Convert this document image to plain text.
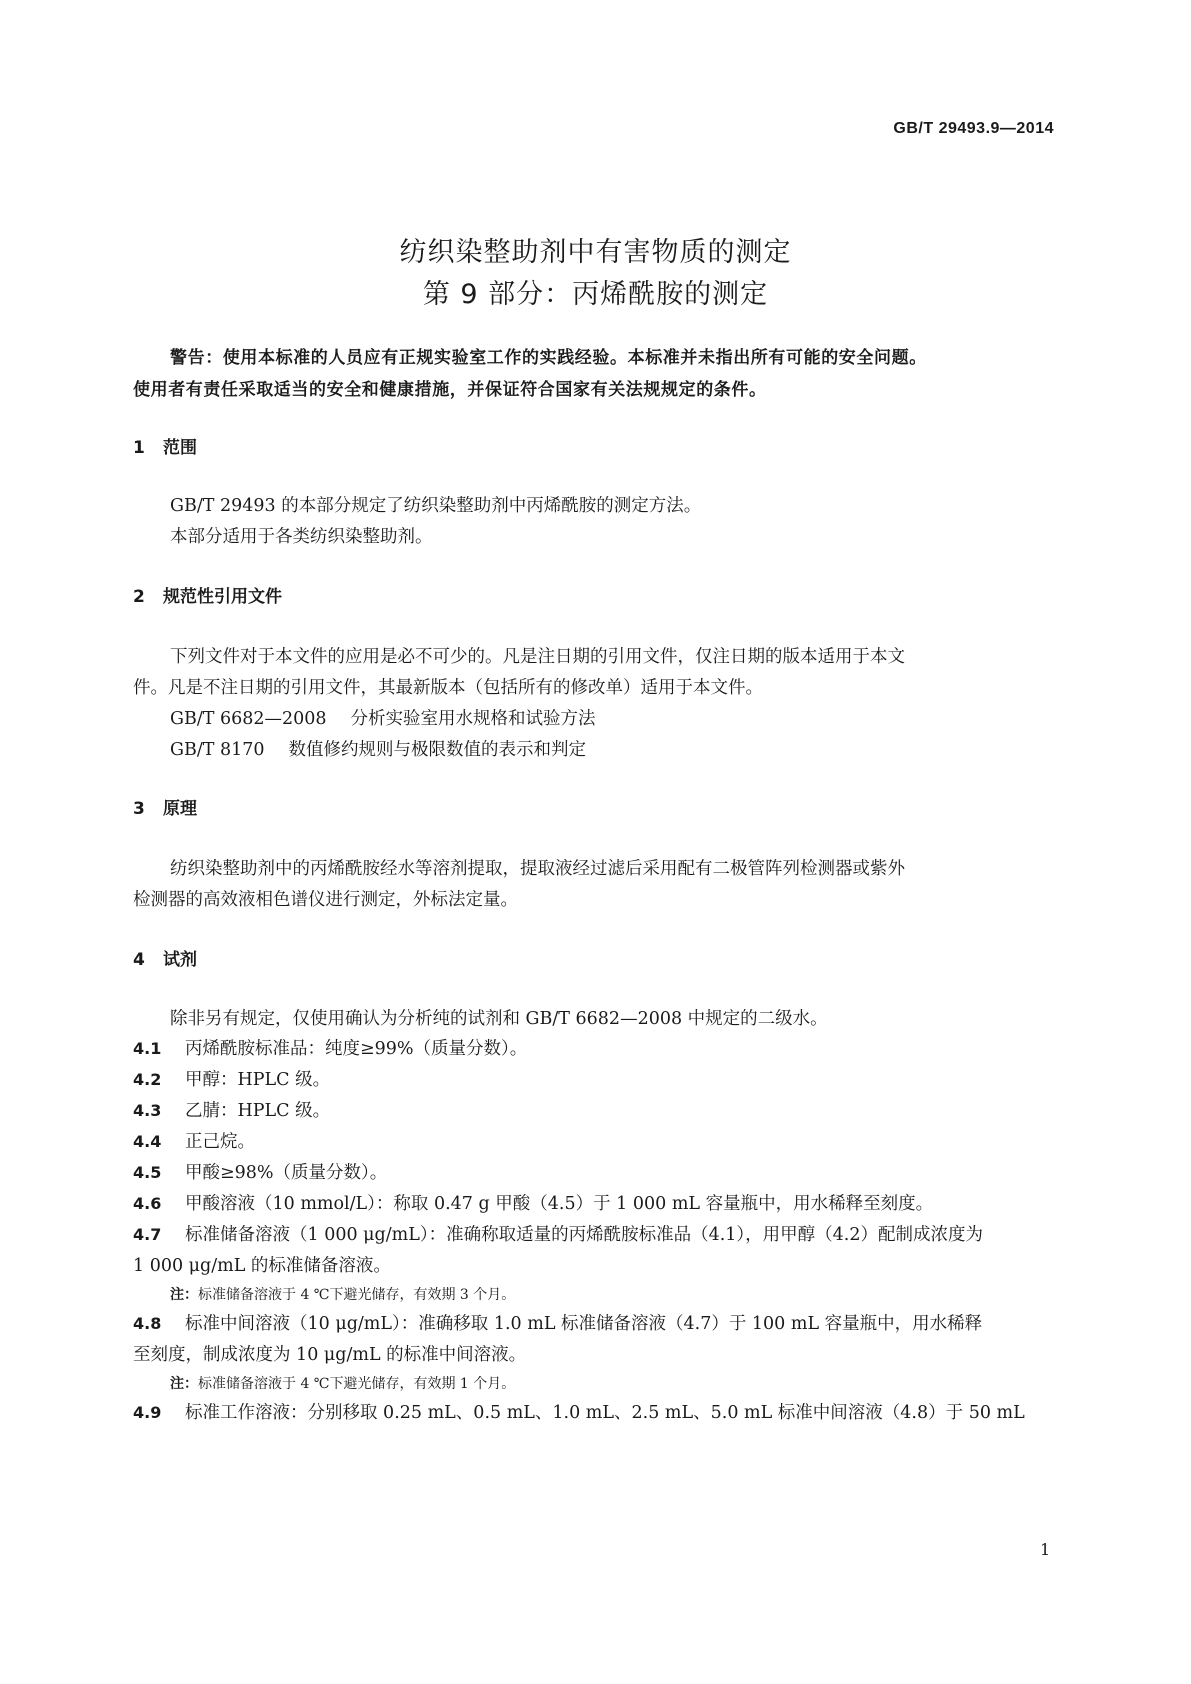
GB/T 29493.9—2014
纺织染整助剂中有害物质的测定
第 9 部分：丙烯酰胺的测定
警告：使用本标准的人员应有正规实验室工作的实践经验。本标准并未指出所有可能的安全问题。
使用者有责任采取适当的安全和健康措施，并保证符合国家有关法规规定的条件。
1 范围
GB/T 29493 的本部分规定了纺织染整助剂中丙烯酰胺的测定方法。
本部分适用于各类纺织染整助剂。
2 规范性引用文件
下列文件对于本文件的应用是必不可少的。凡是注日期的引用文件，仅注日期的版本适用于本文
件。凡是不注日期的引用文件，其最新版本（包括所有的修改单）适用于本文件。
GB/T 6682—2008 分析实验室用水规格和试验方法
GB/T 8170 数值修约规则与极限数值的表示和判定
3 原理
纺织染整助剂中的丙烯酰胺经水等溶剂提取，提取液经过滤后采用配有二极管阵列检测器或紫外
检测器的高效液相色谱仪进行测定，外标法定量。
4 试剂
除非另有规定，仅使用确认为分析纯的试剂和 GB/T 6682—2008 中规定的二级水。
4.1 丙烯酰胺标准品：纯度≥99%（质量分数）。
4.2 甲醇：HPLC 级。
4.3 乙腈：HPLC 级。
4.4 正己烷。
4.5 甲酸≥98%（质量分数）。
4.6 甲酸溶液（10 mmol/L）：称取 0.47 g 甲酸（4.5）于 1 000 mL 容量瓶中，用水稀释至刻度。
4.7 标准储备溶液（1 000 μg/mL）：准确称取适量的丙烯酰胺标准品（4.1），用甲醇（4.2）配制成浓度为
1 000 μg/mL 的标准储备溶液。
注：标准储备溶液于 4 ℃下避光储存，有效期 3 个月。
4.8 标准中间溶液（10 μg/mL）：准确移取 1.0 mL 标准储备溶液（4.7）于 100 mL 容量瓶中，用水稀释
至刻度，制成浓度为 10 μg/mL 的标准中间溶液。
注：标准储备溶液于 4 ℃下避光储存，有效期 1 个月。
4.9 标准工作溶液：分别移取 0.25 mL、0.5 mL、1.0 mL、2.5 mL、5.0 mL 标准中间溶液（4.8）于 50 mL
1
